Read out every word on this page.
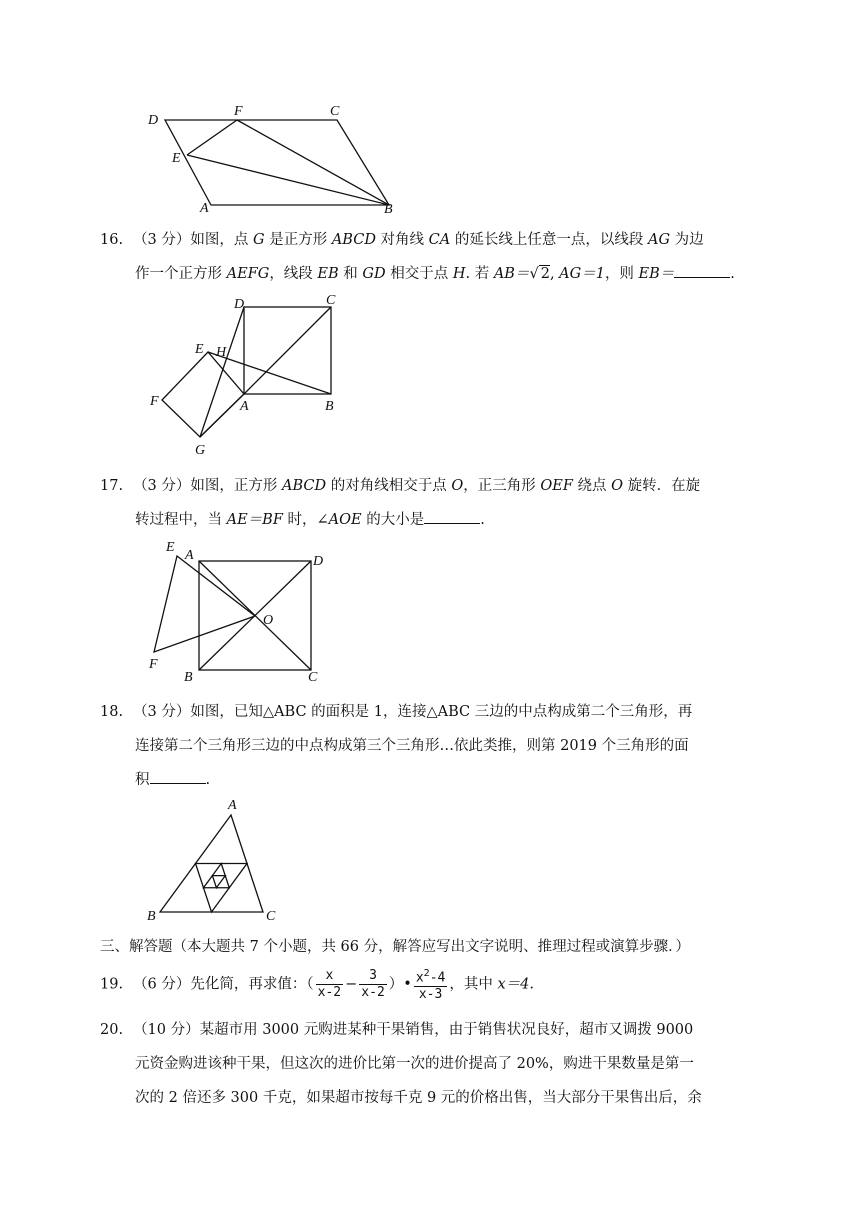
D
F	C
E
A	B
16. （3 分）如图，点 G 是正方形 ABCD 对角线 CA 的延长线上任意一点，以线段 AG 为边
作一个正方形 AEFG，线段 EB 和 GD 相交于点 H. 若 AB＝√ 2, AG＝1，则 EB＝	.
D	C
E H
F	A	B
G
17. （3 分）如图，正方形 ABCD 的对角线相交于点 O，正三角形 OEF 绕点 O 旋转．在旋
转过程中，当 AE＝BF 时，∠AOE 的大小是	.
E
A	D
O
F
B	C
18. （3 分）如图，已知△ABC 的面积是 1，连接△ABC 三边的中点构成第二个三角形，再
连接第二个三角形三边的中点构成第三个三角形…依此类推，则第 2019 个三角形的面
积	.
A
B	C
三、解答题（本大题共 7 个小题，共 66 分，解答应写出文字说明、推理过程或演算步骤．）
19. （6 分）先化简，再求值：（ $\frac{x}{x-2} - \frac{3}{x-2}$ ）• $\frac{x^2-4}{x-3}$ ，其中 x＝4.
20. （10 分）某超市用 3000 元购进某种干果销售，由于销售状况良好，超市又调拨 9000
元资金购进该种干果，但这次的进价比第一次的进价提高了 20%，购进干果数量是第一
次的 2 倍还多 300 千克，如果超市按每千克 9 元的价格出售，当大部分干果售出后，余
